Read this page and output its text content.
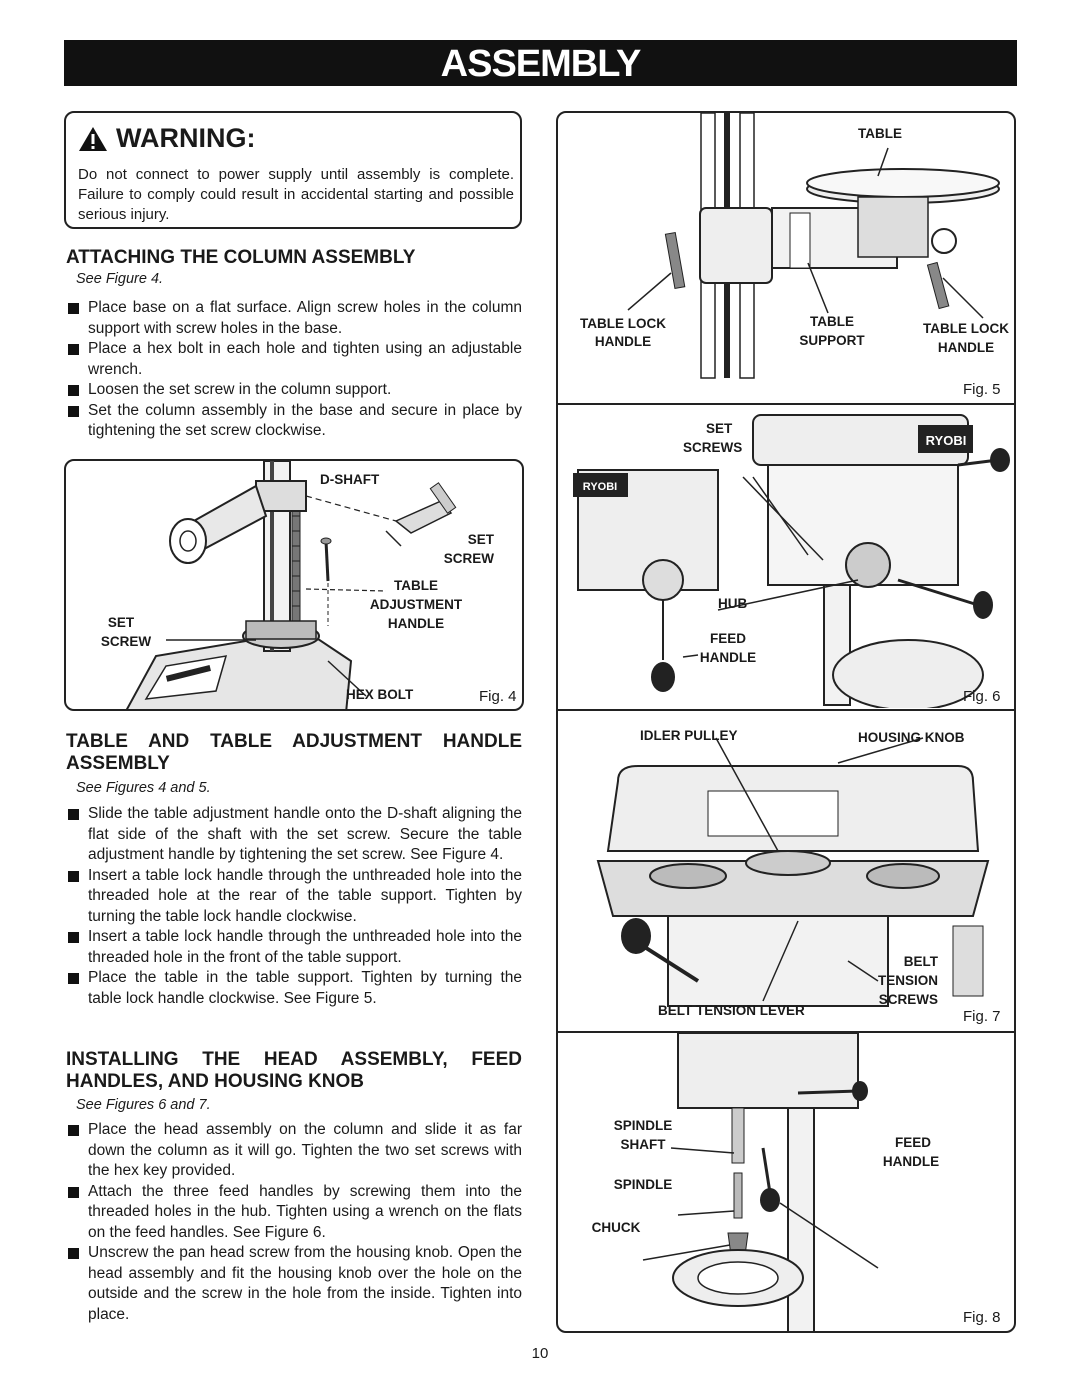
ASSEMBLY
WARNING:
Do not connect to power supply until assembly is complete. Failure to comply could result in accidental starting and possible serious injury.
ATTACHING THE COLUMN ASSEMBLY
See Figure 4.
Place base on a flat surface. Align screw holes in the column support with screw holes in the base.
Place a hex bolt in each hole and tighten using an adjustable wrench.
Loosen the set screw in the column support.
Set the column assembly in the base and secure in place by tightening the set screw clockwise.
D-SHAFT
SET
SCREW
TABLE
ADJUSTMENT
HANDLE
SET
SCREW
HEX BOLT	Fig. 4
TABLE AND TABLE ADJUSTMENT HANDLE ASSEMBLY
See Figures 4 and 5.
Slide the table adjustment handle onto the D-shaft aligning the flat side of the shaft with the set screw. Secure the table adjustment handle by tightening the set screw. See Figure 4.
Insert a table lock handle through the unthreaded hole into the threaded hole at the rear of the table support. Tighten by turning the table lock handle clockwise.
Insert a table lock handle through the unthreaded hole into the threaded hole in the front of the table support.
Place the table in the table support. Tighten by turning the table lock handle clockwise. See Figure 5.
INSTALLING THE HEAD ASSEMBLY, FEED HANDLES, AND HOUSING KNOB
See Figures 6 and 7.
Place the head assembly on the column and slide it as far down the column as it will go. Tighten the two set screws with the hex key provided.
Attach the three feed handles by screwing them into the threaded holes in the hub. Tighten using a wrench on the flats on the feed handles. See Figure 6.
Unscrew the pan head screw from the housing knob. Open the head assembly and fit the housing knob over the hole on the outside and the screw in the hole from the inside. Tighten into place.
TABLE
TABLE LOCK
HANDLE
TABLE
SUPPORT
TABLE LOCK
HANDLE
Fig. 5
RYOBI
RYOBI
SET
SCREWS
HUB
FEED
HANDLE
Fig. 6
IDLER PULLEY	HOUSING KNOB
BELT
TENSION
SCREWS
BELT TENSION LEVER	Fig. 7
SPINDLE
SHAFT
SPINDLE
CHUCK
FEED
HANDLE
Fig. 8
10
